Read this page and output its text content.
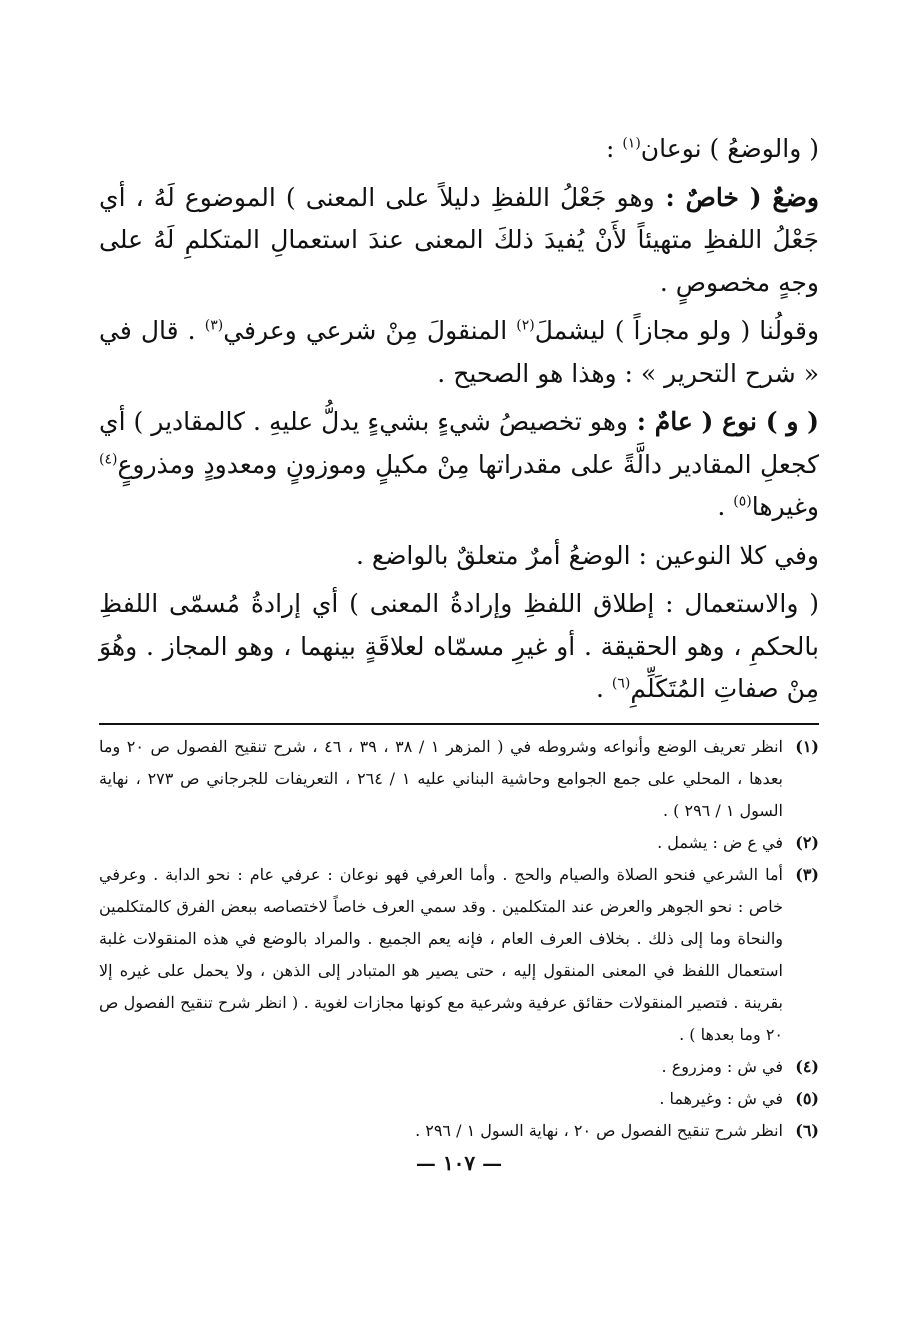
( والوضعُ ) نوعان$^{(١)}$ :

وضعٌ ( خاصٌ : وهو جَعْلُ اللفظِ دليلاً على المعنى ) الموضوع لَهُ ، أي جَعْلُ اللفظِ متهيئاً لأَنْ يُفيدَ ذلكَ المعنى عندَ استعمالِ المتكلمِ لَهُ على وجهٍ مخصوصٍ .

وقولُنا ( ولو مجازاً ) ليشملَ$^{(٢)}$ المنقولَ مِنْ شرعي وعرفي$^{(٣)}$ . قال في « شرح التحرير » : وهذا هو الصحيح .

( و ) نوع ( عامٌ : وهو تخصيصُ شيءٍ بشيءٍ يدلُّ عليهِ . كالمقادير ) أي كجعلِ المقادير دالَّةً على مقدراتها مِنْ مكيلٍ وموزونٍ ومعدودٍ ومذروعٍ$^{(٤)}$ وغيرها$^{(٥)}$ .

وفي كلا النوعين : الوضعُ أمرٌ متعلقٌ بالواضع .

( والاستعمال : إطلاق اللفظِ وإرادةُ المعنى ) أي إرادةُ مُسمّى اللفظِ بالحكمِ ، وهو الحقيقة . أو غيرِ مسمّاه لعلاقَةٍ بينهما ، وهو المجاز . وهُوَ مِنْ صفاتِ المُتَكَلِّمِ$^{(٦)}$ .

(١)
انظر تعريف الوضع وأنواعه وشروطه في ( المزهر ١ / ٣٨ ، ٣٩ ، ٤٦ ، شرح تنقيح الفصول ص ٢٠ وما بعدها ، المحلي على جمع الجوامع وحاشية البناني عليه ١ / ٢٦٤ ، التعريفات للجرجاني ص ٢٧٣ ، نهاية السول ١ / ٢٩٦ ) .
(٢)
في ع ض : يشمل .
(٣)
أما الشرعي فنحو الصلاة والصيام والحج . وأما العرفي فهو نوعان : عرفي عام : نحو الدابة . وعرفي خاص : نحو الجوهر والعرض عند المتكلمين . وقد سمي العرف خاصاً لاختصاصه ببعض الفرق كالمتكلمين والنحاة وما إلى ذلك . بخلاف العرف العام ، فإنه يعم الجميع . والمراد بالوضع في هذه المنقولات غلبة استعمال اللفظ في المعنى المنقول إليه ، حتى يصير هو المتبادر إلى الذهن ، ولا يحمل على غيره إلا بقرينة . فتصير المنقولات حقائق عرفية وشرعية مع كونها مجازات لغوية . ( انظر شرح تنقيح الفصول ص ٢٠ وما بعدها ) .
(٤)
في ش : ومزروع .
(٥)
في ش : وغيرهما .
(٦)
انظر شرح تنقيح الفصول ص ٢٠ ، نهاية السول ١ / ٢٩٦ .
— ١٠٧ —
